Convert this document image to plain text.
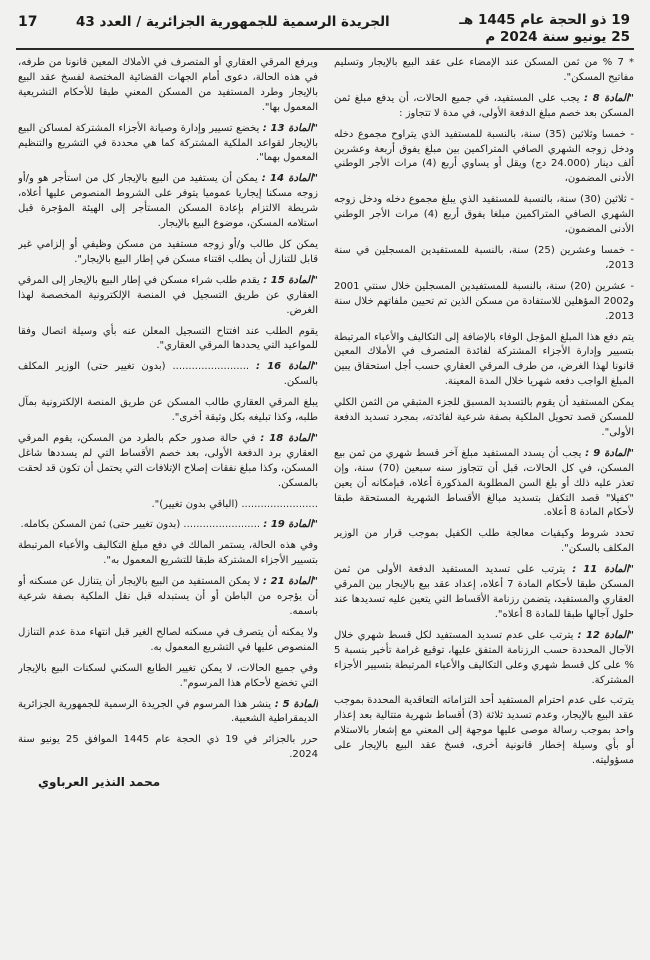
19 ذو الحجة عام 1445 هـ
25 يونيو سنة 2024 م
الجريدة الرسمية للجمهورية الجزائرية / العدد 43
17

* 7 % من ثمن المسكن عند الإمضاء على عقد البيع بالإيجار وتسليم مفاتيح المسكن".

"المادة 8 : يجب على المستفيد، في جميع الحالات، أن يدفع مبلغ ثمن المسكن بعد خصم مبلغ الدفعة الأولى، في مدة لا تتجاوز :

- خمسا وثلاثين (35) سنة، بالنسبة للمستفيد الذي يتراوح مجموع دخله ودخل زوجه الشهري الصافي المتراكمين بين مبلغ يفوق أربعة وعشرين ألف دينار (24.000 دج) ويقل أو يساوي أربع (4) مرات الأجر الوطني الأدنى المضمون،

- ثلاثين (30) سنة، بالنسبة للمستفيد الذي يبلغ مجموع دخله ودخل زوجه الشهري الصافي المتراكمين مبلغا يفوق أربع (4) مرات الأجر الوطني الأدنى المضمون،

- خمسا وعشرين (25) سنة، بالنسبة للمستفيدين المسجلين في سنة 2013،

- عشرين (20) سنة، بالنسبة للمستفيدين المسجلين خلال سنتي 2001 و2002 المؤهلين للاستفادة من مسكن الذين تم تحيين ملفاتهم خلال سنة 2013.

يتم دفع هذا المبلغ المؤجل الوفاء بالإضافة إلى التكاليف والأعباء المرتبطة بتسيير وإدارة الأجزاء المشتركة لفائدة المتصرف في الأملاك المعين قانونا لهذا الغرض، من طرف المرقي العقاري حسب أجل استحقاق يبين المبلغ الواجب دفعه شهريا خلال المدة المعينة.

يمكن المستفيد أن يقوم بالتسديد المسبق للجزء المتبقي من الثمن الكلي للمسكن قصد تحويل الملكية بصفة شرعية لفائدته، بمجرد تسديد الدفعة الأولى".

"المادة 9 : يجب أن يسدد المستفيد مبلغ آخر قسط شهري من ثمن بيع المسكن، في كل الحالات، قبل أن تتجاوز سنه سبعين (70) سنة، وإن تعذر عليه ذلك أو بلغ السن المطلوبة المذكورة أعلاه، فبإمكانه أن يعين "كفيلا" قصد التكفل بتسديد مبالغ الأقساط الشهرية المستحقة طبقا لأحكام المادة 8 أعلاه.

تحدد شروط وكيفيات معالجة طلب الكفيل بموجب قرار من الوزير المكلف بالسكن".

"المادة 11 : يترتب على تسديد المستفيد الدفعة الأولى من ثمن المسكن طبقا لأحكام المادة 7 أعلاه، إعداد عقد بيع بالإيجار بين المرقي العقاري والمستفيد، يتضمن رزنامة الأقساط التي يتعين عليه تسديدها عند حلول آجالها طبقا للمادة 8 أعلاه".

"المادة 12 : يترتب على عدم تسديد المستفيد لكل قسط شهري خلال الآجال المحددة حسب الرزنامة المتفق عليها، توقيع غرامة تأخير بنسبة 5 % على كل قسط شهري وعلى التكاليف والأعباء المرتبطة بتسيير الأجزاء المشتركة.

يترتب على عدم احترام المستفيد أحد التزاماته التعاقدية المحددة بموجب عقد البيع بالإيجار، وعدم تسديد ثلاثة (3) أقساط شهرية متتالية بعد إعذار واحد بموجب رسالة موصى عليها موجهة إلى المعني مع إشعار بالاستلام أو بأي وسيلة إخطار قانونية أخرى، فسخ عقد البيع بالإيجار على مسؤوليته.

ويرفع المرقي العقاري أو المتصرف في الأملاك المعين قانونا من طرفه، في هذه الحالة، دعوى أمام الجهات القضائية المختصة لفسخ عقد البيع بالإيجار وطرد المستفيد من المسكن المعني طبقا للأحكام التشريعية المعمول بها".

"المادة 13 : يخضع تسيير وإدارة وصيانة الأجزاء المشتركة لمساكن البيع بالإيجار لقواعد الملكية المشتركة كما هي محددة في التشريع والتنظيم المعمول بهما".

"المادة 14 : يمكن أن يستفيد من البيع بالإيجار كل من استأجر هو و/أو زوجه مسكنا إيجاريا عموميا يتوفر على الشروط المنصوص عليها أعلاه، شريطة الالتزام بإعادة المسكن المستأجر إلى الهيئة المؤجرة قبل استلامه المسكن، موضوع البيع بالإيجار.

يمكن كل طالب و/أو زوجه مستفيد من مسكن وظيفي أو إلزامي غير قابل للتنازل أن يطلب اقتناء مسكن في إطار البيع بالإيجار".

"المادة 15 : يقدم طلب شراء مسكن في إطار البيع بالإيجار إلى المرقي العقاري عن طريق التسجيل في المنصة الإلكترونية المخصصة لهذا الغرض.

يقوم الطلب عند افتتاح التسجيل المعلن عنه بأي وسيلة اتصال وفقا للمواعيد التي يحددها المرقي العقاري".

"المادة 16 : ........................ (بدون تغيير حتى) الوزير المكلف بالسكن.

يبلغ المرقي العقاري طالب المسكن عن طريق المنصة الإلكترونية بمآل طلبه، وكذا تبليغه بكل وثيقة أخرى".

"المادة 18 : في حالة صدور حكم بالطرد من المسكن، يقوم المرقي العقاري برد الدفعة الأولى، بعد خصم الأقساط التي لم يسددها شاغل المسكن، وكذا مبلغ نفقات إصلاح الإتلافات التي يحتمل أن تكون قد لحقت بالمسكن.

........................ (الباقي بدون تغيير)".

"المادة 19 : ........................ (بدون تغيير حتى) ثمن المسكن بكامله.

وفي هذه الحالة، يستمر المالك في دفع مبلغ التكاليف والأعباء المرتبطة بتسيير الأجزاء المشتركة طبقا للتشريع المعمول به".

"المادة 21 : لا يمكن المستفيد من البيع بالإيجار أن يتنازل عن مسكنه أو أن يؤجره من الباطن أو أن يستبدله قبل نقل الملكية بصفة شرعية باسمه.

ولا يمكنه أن يتصرف في مسكنه لصالح الغير قبل انتهاء مدة عدم التنازل المنصوص عليها في التشريع المعمول به.

وفي جميع الحالات، لا يمكن تغيير الطابع السكني لسكنات البيع بالإيجار التي تخضع لأحكام هذا المرسوم".

المادة 5 : ينشر هذا المرسوم في الجريدة الرسمية للجمهورية الجزائرية الديمقراطية الشعبية.

حرر بالجزائر في 19 ذي الحجة عام 1445 الموافق 25 يونيو سنة 2024.

محمد النذير العرباوي
